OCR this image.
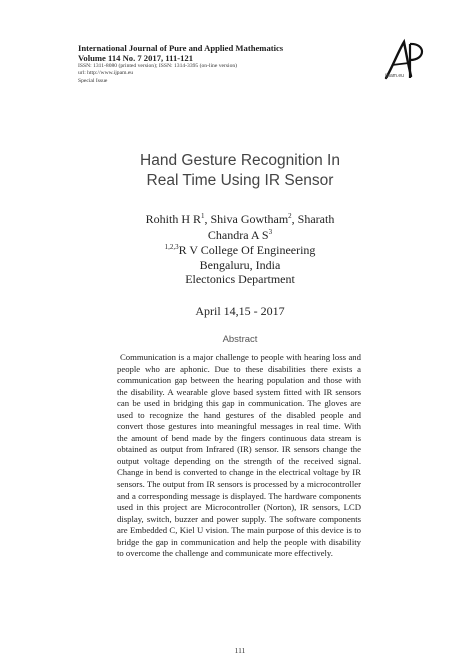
International Journal of Pure and Applied Mathematics

Volume 114 No. 7 2017, 111-121

ISSN: 1311-8080 (printed version); ISSN: 1314-3395 (on-line version)

url: http://www.ijpam.eu

Special Issue

ijpam.eu

Hand Gesture Recognition In

Real Time Using IR Sensor

Rohith H $R^1$, Shiva Gowtham$^2$, Sharath

Chandra A $S^3$

$^{1,2,3}$R V College Of Engineering

Bengaluru, India

Electonics Department

April 14,15 - 2017

Abstract

Communication is a major challenge to people with hearing loss and people who are aphonic. Due to these disabilities there exists a communication gap between the hearing population and those with the disability. A wearable glove based system fitted with IR sensors can be used in bridging this gap in communication. The gloves are used to recognize the hand gestures of the disabled people and convert those gestures into meaningful messages in real time. With the amount of bend made by the fingers continuous data stream is obtained as output from Infrared (IR) sensor. IR sensors change the output voltage depending on the strength of the received signal. Change in bend is converted to change in the electrical voltage by IR sensors. The output from IR sensors is processed by a microcontroller and a corresponding message is displayed. The hardware components used in this project are Microcontroller (Norton), IR sensors, LCD display, switch, buzzer and power supply. The software components are Embedded C, Kiel U vision. The main purpose of this device is to bridge the gap in communication and help the people with disability to overcome the challenge and communicate more effectively.

111
